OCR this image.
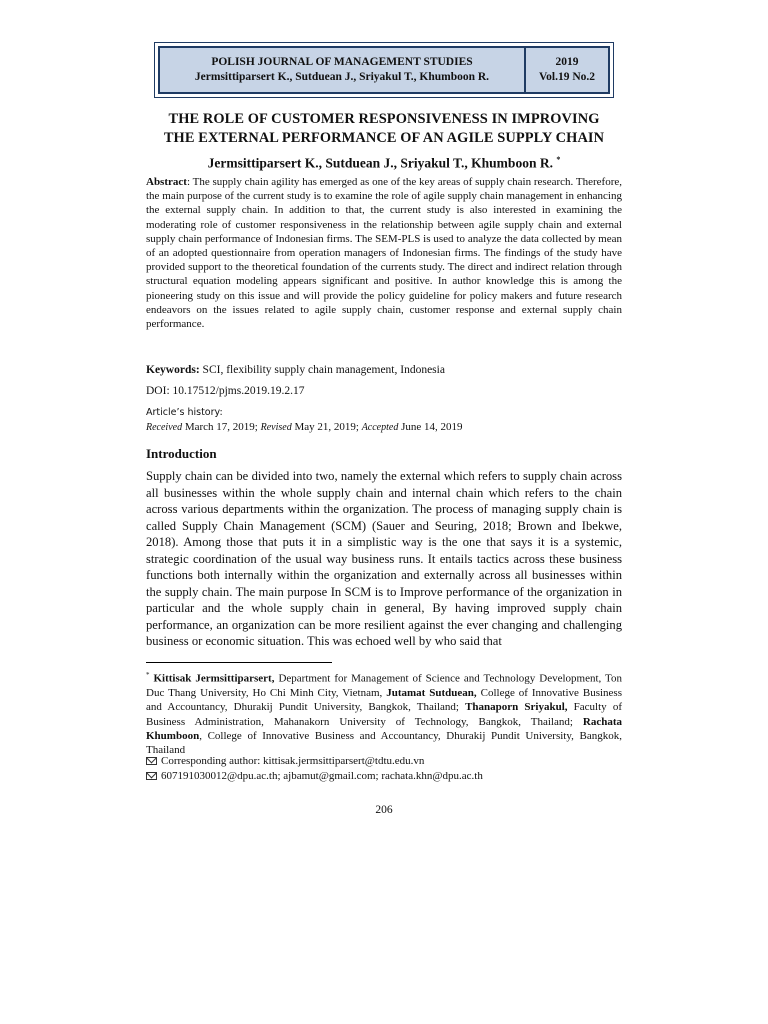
POLISH JOURNAL OF MANAGEMENT STUDIES
Jermsittiparsert K., Sutduean J., Sriyakul T., Khumboon R.
2019
Vol.19 No.2
THE ROLE OF CUSTOMER RESPONSIVENESS IN IMPROVING
THE EXTERNAL PERFORMANCE OF AN AGILE SUPPLY CHAIN
Jermsittiparsert K., Sutduean J., Sriyakul T., Khumboon R. *

Abstract: The supply chain agility has emerged as one of the key areas of supply chain research. Therefore, the main purpose of the current study is to examine the role of agile supply chain management in enhancing the external supply chain. In addition to that, the current study is also interested in examining the moderating role of customer responsiveness in the relationship between agile supply chain and external supply chain performance of Indonesian firms. The SEM-PLS is used to analyze the data collected by mean of an adopted questionnaire from operation managers of Indonesian firms. The findings of the study have provided support to the theoretical foundation of the currents study. The direct and indirect relation through structural equation modeling appears significant and positive. In author knowledge this is among the pioneering study on this issue and will provide the policy guideline for policy makers and future research endeavors on the issues related to agile supply chain, customer response and external supply chain performance.

Keywords: SCI, flexibility supply chain management, Indonesia

DOI: 10.17512/pjms.2019.19.2.17

Article’s history:
Received March 17, 2019; Revised May 21, 2019; Accepted June 14, 2019
Introduction

Supply chain can be divided into two, namely the external which refers to supply chain across all businesses within the whole supply chain and internal chain which refers to the chain across various departments within the organization. The process of managing supply chain is called Supply Chain Management (SCM) (Sauer and Seuring, 2018; Brown and Ibekwe, 2018). Among those that puts it in a simplistic way is the one that says it is a systemic, strategic coordination of the usual way business runs. It entails tactics across these business functions both internally within the organization and externally across all businesses within the supply chain. The main purpose In SCM is to Improve performance of the organization in particular and the whole supply chain in general, By having improved supply chain performance, an organization can be more resilient against the ever changing and challenging business or economic situation. This was echoed well by who said that

* Kittisak Jermsittiparsert, Department for Management of Science and Technology Development, Ton Duc Thang University, Ho Chi Minh City, Vietnam, Jutamat Sutduean, College of Innovative Business and Accountancy, Dhurakij Pundit University, Bangkok, Thailand; Thanaporn Sriyakul, Faculty of Business Administration, Mahanakorn University of Technology, Bangkok, Thailand; Rachata Khumboon, College of Innovative Business and Accountancy, Dhurakij Pundit University, Bangkok, Thailand

Corresponding author: kittisak.jermsittiparsert@tdtu.edu.vn
607191030012@dpu.ac.th; ajbamut@gmail.com; rachata.khn@dpu.ac.th
206
